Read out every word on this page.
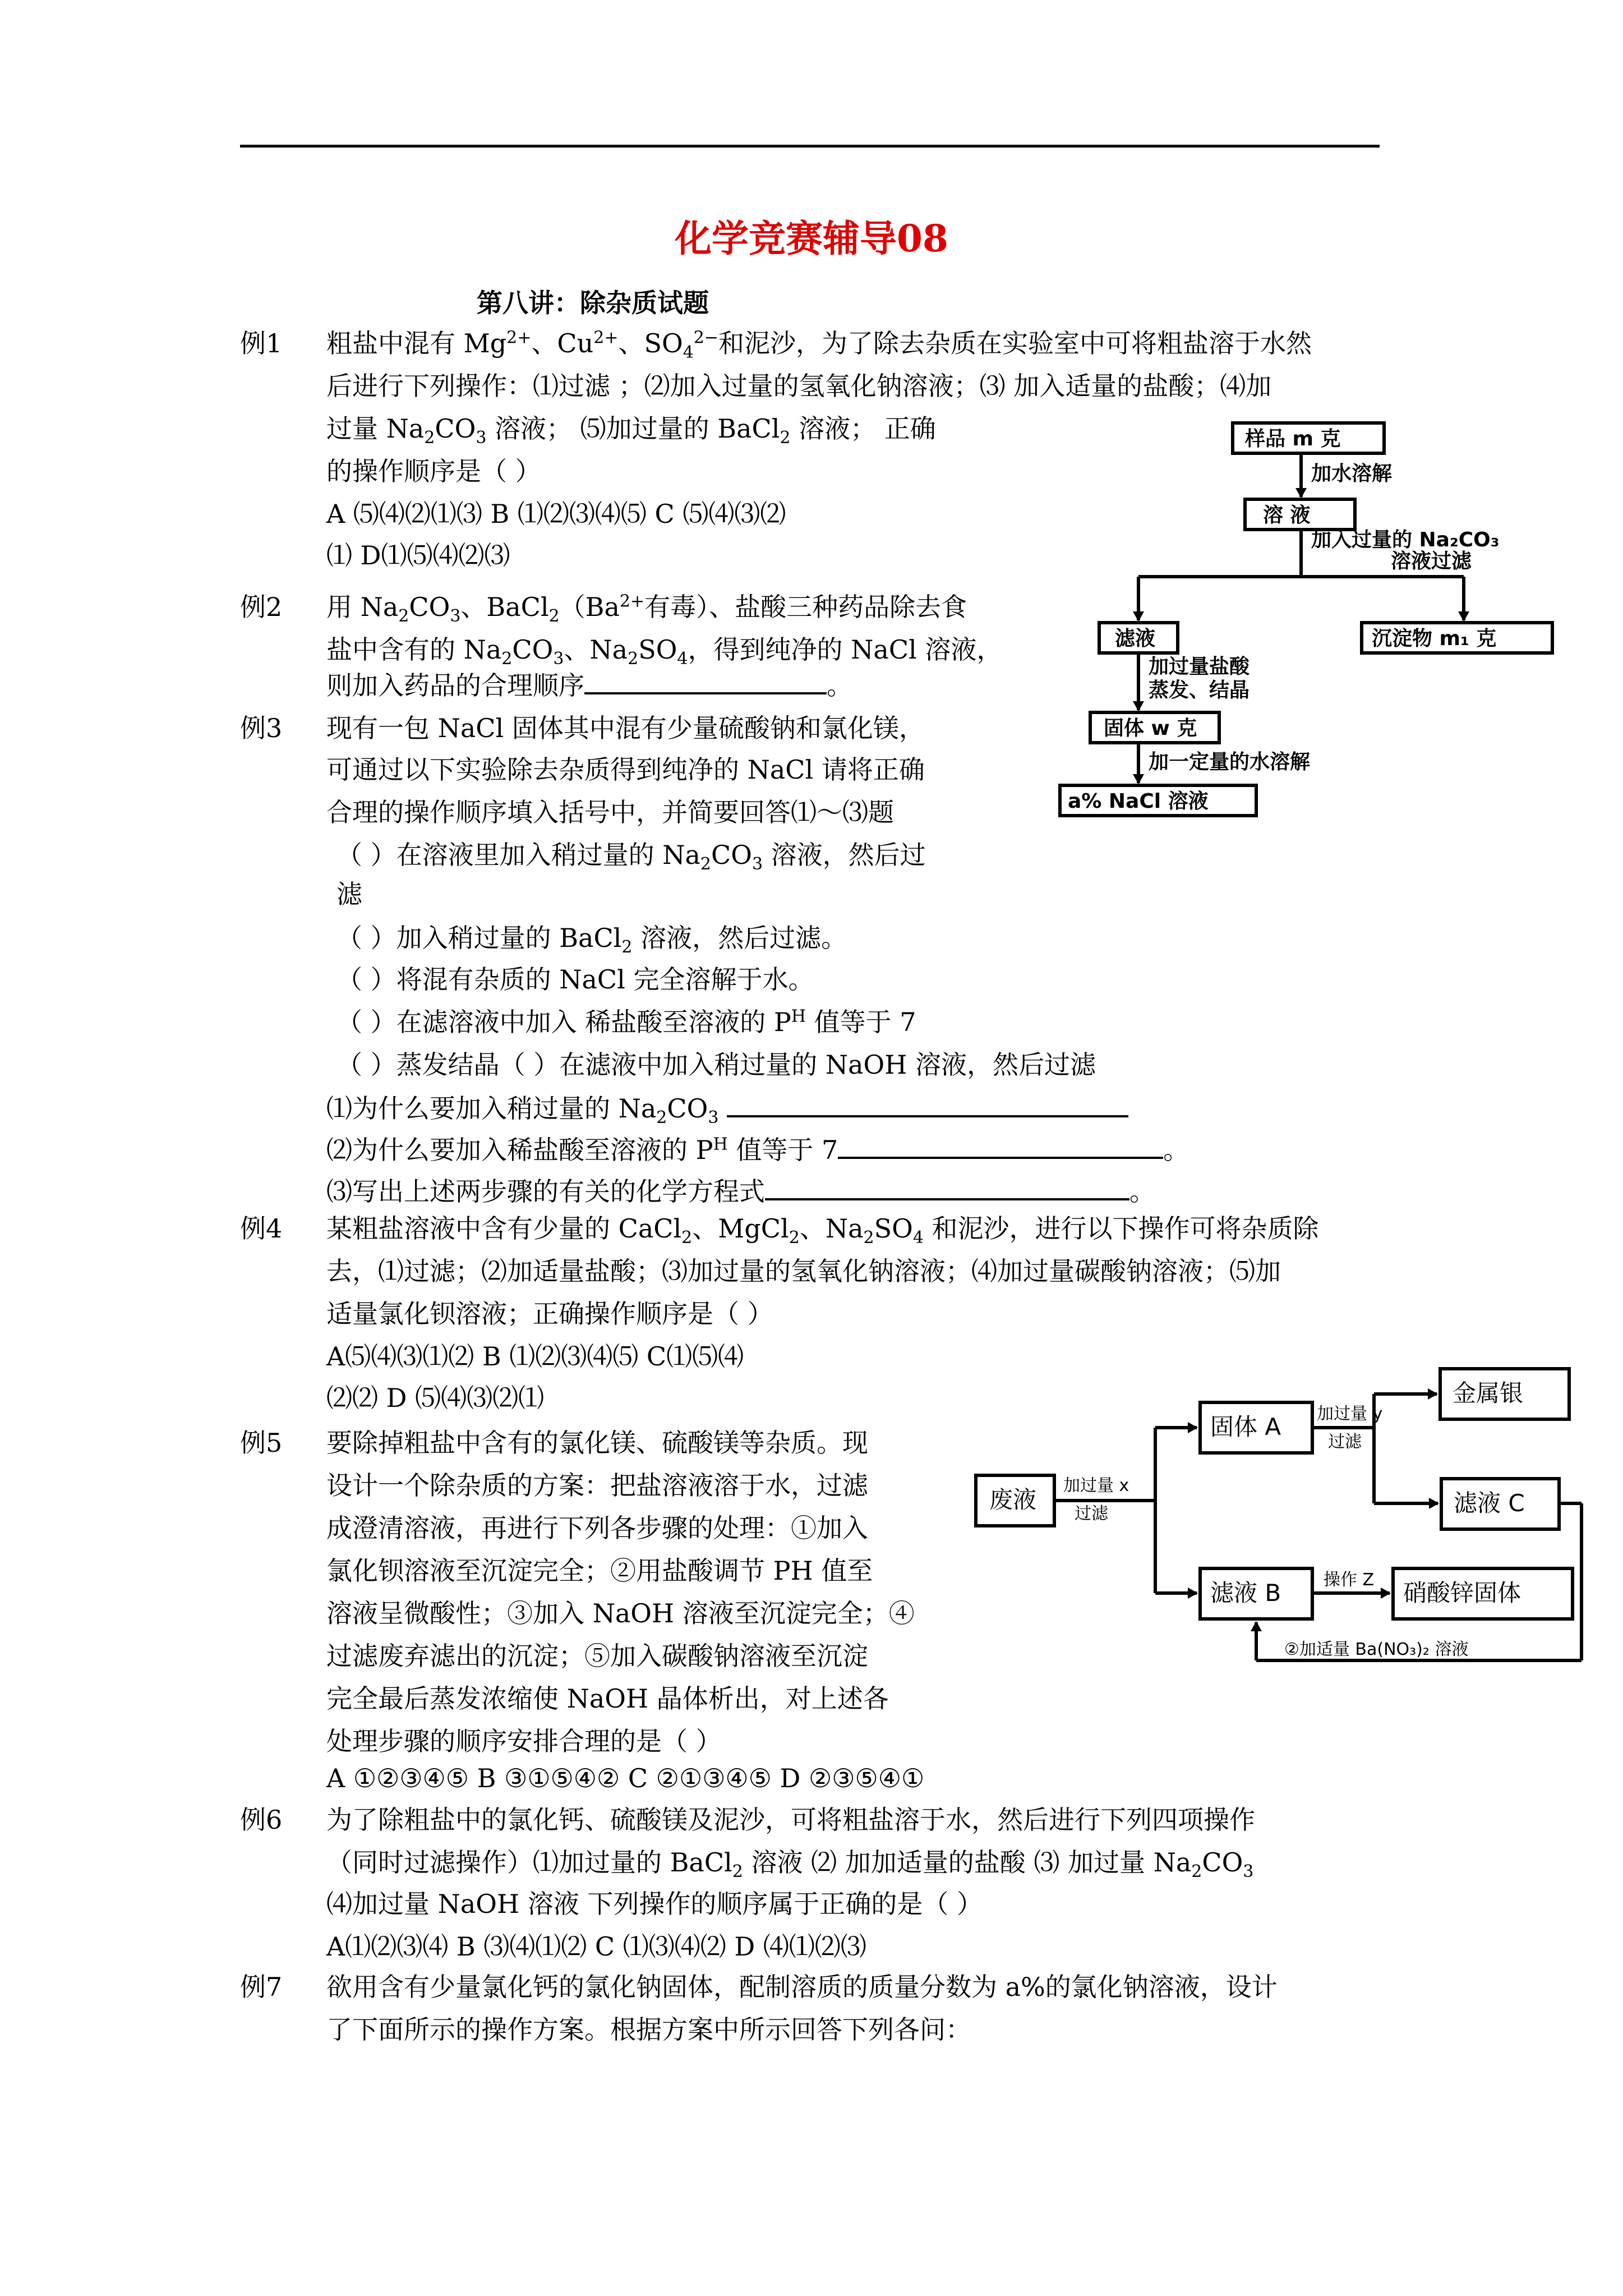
化学竞赛辅导08
第八讲：除杂质试题
例1
例2
例3
例4
例5
例6
例7
粗盐中混有 $Mg^{2+}$、$Cu^{2+}$、$SO_4^{2-}$和泥沙，为了除去杂质在实验室中可将粗盐溶于水然
后进行下列操作：⑴过滤 ；⑵加入过量的氢氧化钠溶液；⑶ 加入适量的盐酸；⑷加
过量 $Na_2CO_3$ 溶液； ⑸加过量的 BaCl$_2$ 溶液； 正确
的操作顺序是（ ）
A ⑸⑷⑵⑴⑶ B ⑴⑵⑶⑷⑸ C ⑸⑷⑶⑵
⑴ D⑴⑸⑷⑵⑶
用 $Na_2CO_3$、$BaCl_2(Ba^{2+}$有毒）、盐酸三种药品除去食
盐中含有的 $Na_2CO_3$、$Na_2SO_4$，得到纯净的 NaCl 溶液，
则加入药品的合理顺序	。
现有一包 NaCl 固体其中混有少量硫酸钠和氯化镁，
可通过以下实验除去杂质得到纯净的 NaCl 请将正确
合理的操作顺序填入括号中，并简要回答⑴～⑶题
（ ）在溶液里加入稍过量的 $Na_2CO_3$ 溶液，然后过
滤
（ ）加入稍过量的 BaCl$_2$ 溶液，然后过滤。
（ ）将混有杂质的 NaCl 完全溶解于水。
（ ）在滤溶液中加入 稀盐酸至溶液的 $P^H$ 值等于 7
（ ）蒸发结晶（ ）在滤液中加入稍过量的 NaOH 溶液，然后过滤
⑴为什么要加入稍过量的 $Na_2CO_3$
⑵为什么要加入稀盐酸至溶液的 $P^H$ 值等于 7	。
⑶写出上述两步骤的有关的化学方程式	。
某粗盐溶液中含有少量的 CaCl$_2$、MgCl$_2$、$Na_2SO_4$ 和泥沙，进行以下操作可将杂质除
去，⑴过滤；⑵加适量盐酸；⑶加过量的氢氧化钠溶液；⑷加过量碳酸钠溶液；⑸加
适量氯化钡溶液；正确操作顺序是（ ）
A⑸⑷⑶⑴⑵ B ⑴⑵⑶⑷⑸ C⑴⑸⑷
⑵⑵ D ⑸⑷⑶⑵⑴
要除掉粗盐中含有的氯化镁、硫酸镁等杂质。现
设计一个除杂质的方案：把盐溶液溶于水，过滤
成澄清溶液，再进行下列各步骤的处理：①加入
氯化钡溶液至沉淀完全；②用盐酸调节 PH 值至
溶液呈微酸性；③加入 NaOH 溶液至沉淀完全；④
过滤废弃滤出的沉淀；⑤加入碳酸钠溶液至沉淀
完全最后蒸发浓缩使 NaOH 晶体析出，对上述各
处理步骤的顺序安排合理的是（ ）
A ①②③④⑤ B ③①⑤④② C ②①③④⑤ D ②③⑤④①
为了除粗盐中的氯化钙、硫酸镁及泥沙，可将粗盐溶于水，然后进行下列四项操作
（同时过滤操作）⑴加过量的 BaCl$_2$ 溶液 ⑵ 加加适量的盐酸 ⑶ 加过量 $Na_2CO_3$
⑷加过量 NaOH 溶液 下列操作的顺序属于正确的是（ ）
A⑴⑵⑶⑷ B ⑶⑷⑴⑵ C ⑴⑶⑷⑵ D ⑷⑴⑵⑶
欲用含有少量氯化钙的氯化钠固体，配制溶质的质量分数为 a%的氯化钠溶液，设计
了下面所示的操作方案。根据方案中所示回答下列各问：
样品 m 克
加水溶解
溶 液
加入过量的 Na₂CO₃
溶液过滤
滤液	沉淀物 m₁ 克
加过量盐酸
蒸发、结晶
固体 w 克
加一定量的水溶解
a% NaCl 溶液
废液
固体 A
金属银
滤液 C
滤液 B	硝酸锌固体
加过量 x
过滤
加过量 y
过滤
操作 Z
②加适量 Ba(NO₃)₂ 溶液
